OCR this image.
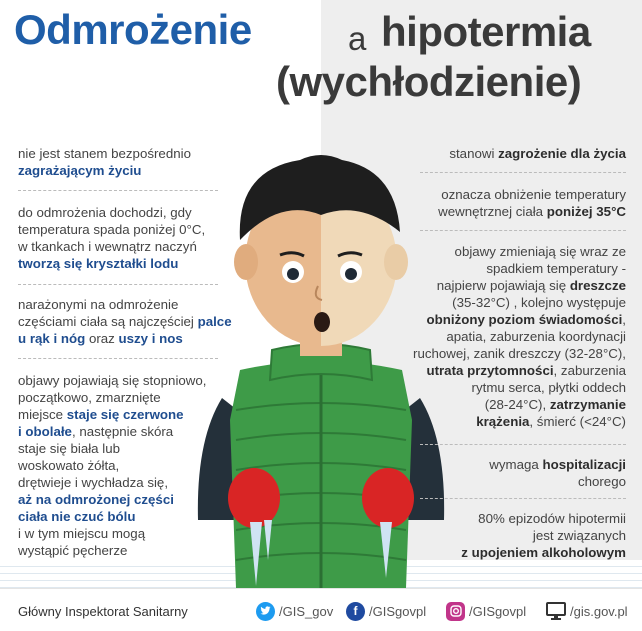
Odmrożenie	a hipotermia
(wychłodzienie)
nie jest stanem bezpośrednio
zagrażającym życiu
do odmrożenia dochodzi, gdy
temperatura spada poniżej 0°C,
w tkankach i wewnątrz naczyń
tworzą się kryształki lodu
narażonymi na odmrożenie
częściami ciała są najczęściej palce
u rąk i nóg oraz uszy i nos
objawy pojawiają się stopniowo,
początkowo, zmarznięte
miejsce staje się czerwone
i obolałe, następnie skóra
staje się biała lub
woskowato żółta,
drętwieje i wychładza się,
aż na odmrożonej części
ciała nie czuć bólu
i w tym miejscu mogą
wystąpić pęcherze
stanowi zagrożenie dla życia
oznacza obniżenie temperatury
wewnętrznej ciała poniżej 35°C
objawy zmieniają się wraz ze
spadkiem temperatury -
najpierw pojawiają się dreszcze
(35-32°C) , kolejno występuje
obniżony poziom świadomości,
apatia, zaburzenia koordynacji
ruchowej, zanik dreszczy (32-28°C),
utrata przytomności, zaburzenia
rytmu serca, płytki oddech
(28-24°C), zatrzymanie
krążenia, śmierć (<24°C)
wymaga hospitalizacji
chorego
80% epizodów hipotermii
jest związanych
z upojeniem alkoholowym
Główny Inspektorat Sanitarny	/GIS_gov	f /GISgovpl	/GISgovpl	/gis.gov.pl
